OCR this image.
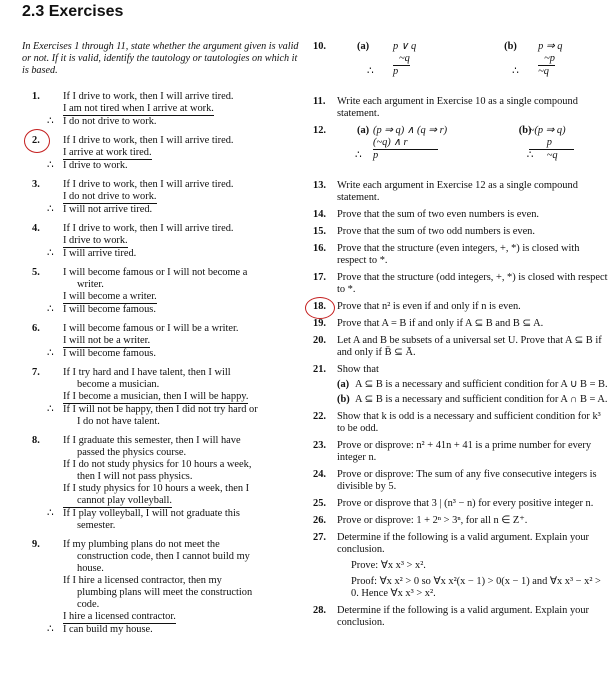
2.3 Exercises
In Exercises 1 through 11, state whether the argument given is valid or not. If it is valid, identify the tautology or tautologies on which it is based.
1. If I drive to work, then I will arrive tired.
I am not tired when I arrive at work.
∴ I do not drive to work.
2. If I drive to work, then I will arrive tired.
I arrive at work tired.
∴ I drive to work.
3. If I drive to work, then I will arrive tired.
I do not drive to work.
∴ I will not arrive tired.
4. If I drive to work, then I will arrive tired.
I drive to work.
∴ I will arrive tired.
5. I will become famous or I will not become a
writer.
I will become a writer.
∴ I will become famous.
6. I will become famous or I will be a writer.
I will not be a writer.
∴ I will become famous.
7. If I try hard and I have talent, then I will
become a musician.
If I become a musician, then I will be happy.
∴ If I will not be happy, then I did not try hard or
I do not have talent.
8. If I graduate this semester, then I will have
passed the physics course.
If I do not study physics for 10 hours a week,
then I will not pass physics.
If I study physics for 10 hours a week, then I
cannot play volleyball.
∴ If I play volleyball, I will not graduate this
semester.
9. If my plumbing plans do not meet the
construction code, then I cannot build my
house.
If I hire a licensed contractor, then my
plumbing plans will meet the construction
code.
I hire a licensed contractor.
∴ I can build my house.
10.	(a) p ∨ q
~q
∴ p
(b) p ⇒ q
~p
∴ ~q
11. Write each argument in Exercise 10 as a single compound statement.
12.	(a) (p ⇒ q) ∧ (q ⇒ r)
(~q) ∧ r
∴ p
(b)
~(p ⇒ q)
p
∴ ~q
13. Write each argument in Exercise 12 as a single compound statement.
14. Prove that the sum of two even numbers is even.
15. Prove that the sum of two odd numbers is even.
16. Prove that the structure (even integers, +, *) is closed with respect to *.
17. Prove that the structure (odd integers, +, *) is closed with respect to *.
18. Prove that n² is even if and only if n is even.
19. Prove that A = B if and only if A ⊆ B and B ⊆ A.
20. Let A and B be subsets of a universal set U. Prove that A ⊆ B if and only if B̄ ⊆ Ā.
21. Show that
(a) A ⊆ B is a necessary and sufficient condition for A ∪ B = B.
(b) A ⊆ B is a necessary and sufficient condition for A ∩ B = A.
22. Show that k is odd is a necessary and sufficient condition for k³ to be odd.
23. Prove or disprove: n² + 41n + 41 is a prime number for every integer n.
24. Prove or disprove: The sum of any five consecutive integers is divisible by 5.
25. Prove or disprove that 3 | (n³ − n) for every positive integer n.
26. Prove or disprove: 1 + 2ⁿ > 3ⁿ, for all n ∈ Z⁺.
27. Determine if the following is a valid argument. Explain your conclusion.
Prove: ∀x x³ > x².
Proof: ∀x x² > 0 so ∀x x²(x − 1) > 0(x − 1) and ∀x x³ − x² > 0. Hence ∀x x³ > x².
28. Determine if the following is a valid argument. Explain your conclusion.
